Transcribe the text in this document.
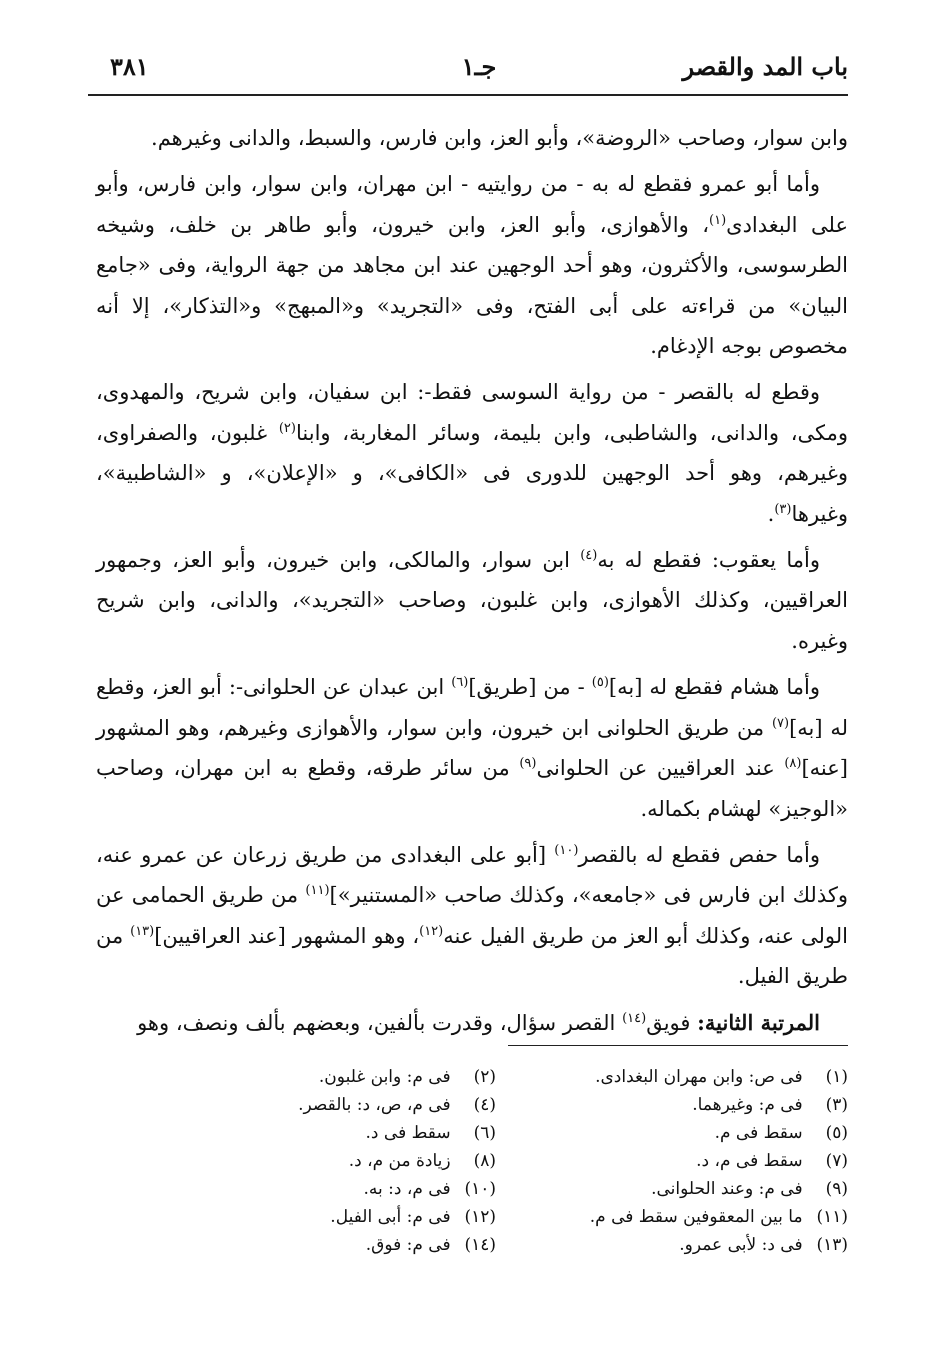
باب المد والقصر
جـ١
٣٨١

وابن سوار، وصاحب «الروضة»، وأبو العز، وابن فارس، والسبط، والدانى وغيرهم.

وأما أبو عمرو فقطع له به - من روايتيه - ابن مهران، وابن سوار، وابن فارس، وأبو على البغدادى$^{(١)}$، والأهوازى، وأبو العز، وابن خيرون، وأبو طاهر بن خلف، وشيخه الطرسوسى، والأكثرون، وهو أحد الوجهين عند ابن مجاهد من جهة الرواية، وفى «جامع البيان» من قراءته على أبى الفتح، وفى «التجريد» و«المبهج» و«التذكار»، إلا أنه مخصوص بوجه الإدغام.

وقطع له بالقصر - من رواية السوسى فقط-: ابن سفيان، وابن شريح، والمهدوى، ومكى، والدانى، والشاطبى، وابن بليمة، وسائر المغاربة، وابنا$^{(٢)}$ غلبون، والصفراوى، وغيرهم، وهو أحد الوجهين للدورى فى «الكافى»، و «الإعلان»، و «الشاطبية»، وغيرها$^{(٣)}$.

وأما يعقوب: فقطع له به$^{(٤)}$ ابن سوار، والمالكى، وابن خيرون، وأبو العز، وجمهور العراقيين، وكذلك الأهوازى، وابن غلبون، وصاحب «التجريد»، والدانى، وابن شريح وغيره.

وأما هشام فقطع له [به]$^{(٥)}$ - من [طريق]$^{(٦)}$ ابن عبدان عن الحلوانى-: أبو العز، وقطع له [به]$^{(٧)}$ من طريق الحلوانى ابن خيرون، وابن سوار، والأهوازى وغيرهم، وهو المشهور [عنه]$^{(٨)}$ عند العراقيين عن الحلوانى$^{(٩)}$ من سائر طرقه، وقطع به ابن مهران، وصاحب «الوجيز» لهشام بكماله.

وأما حفص فقطع له بالقصر$^{(١٠)}$ [أبو على البغدادى من طريق زرعان عن عمرو عنه، وكذلك ابن فارس فى «جامعه»، وكذلك صاحب «المستنير»]$^{(١١)}$ من طريق الحمامى عن الولى عنه، وكذلك أبو العز من طريق الفيل عنه$^{(١٢)}$، وهو المشهور [عند العراقيين]$^{(١٣)}$ من طريق الفيل.

المرتبة الثانية: فويق$^{(١٤)}$ القصر سؤال، وقدرت بألفين، وبعضهم بألف ونصف، وهو

(١) فى ص: وابن مهران البغدادى.
(٢) فى م: وابن غلبون.
(٣) فى م: وغيرهما.
(٤) فى م، ص، د: بالقصر.
(٥) سقط فى م.
(٦) سقط فى د.
(٧) سقط فى م، د.
(٨) زيادة من م، د.
(٩) فى م: وعند الحلوانى.
(١٠) فى م، د: به.
(١١) ما بين المعقوفين سقط فى م.
(١٢) فى م: أبى الفيل.
(١٣) فى د: لأبى عمرو.
(١٤) فى م: فوق.
